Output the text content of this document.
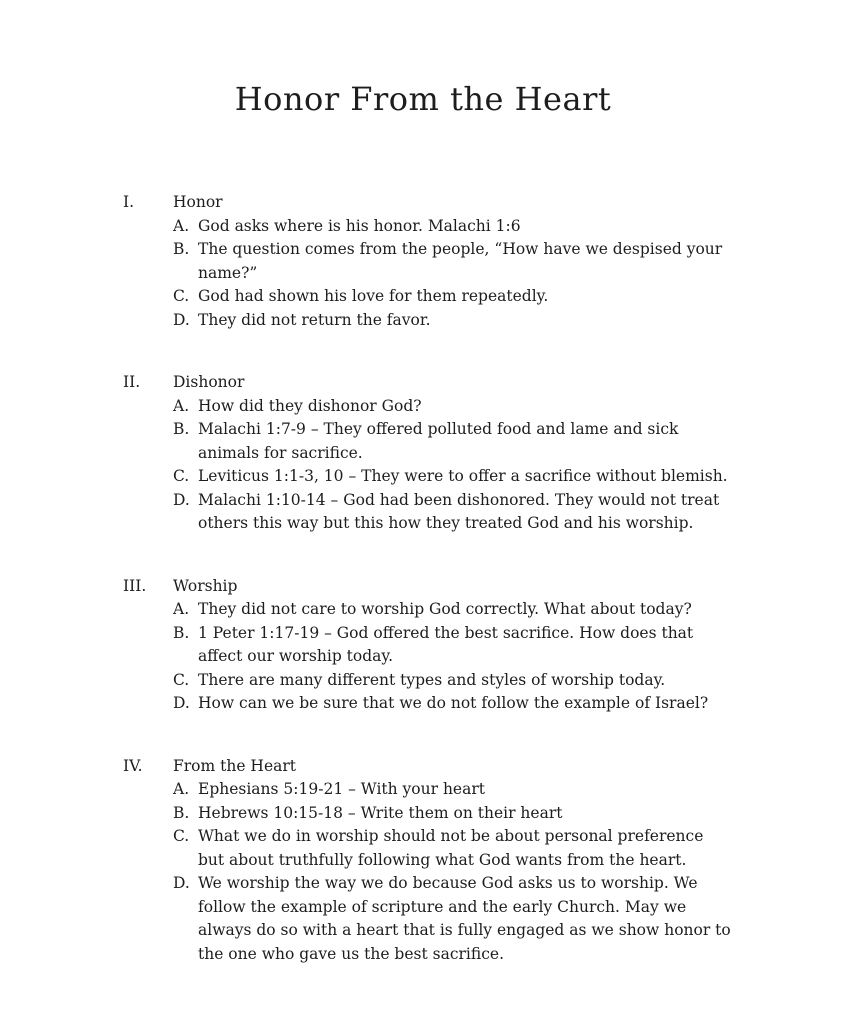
Honor From the Heart
I.	Honor
A. God asks where is his honor. Malachi 1:6
B. The question comes from the people, “How have we despised your
name?”
C. God had shown his love for them repeatedly.
D. They did not return the favor.
II.	Dishonor
A. How did they dishonor God?
B. Malachi 1:7-9 – They offered polluted food and lame and sick
animals for sacrifice.
C. Leviticus 1:1-3, 10 – They were to offer a sacrifice without blemish.
D. Malachi 1:10-14 – God had been dishonored. They would not treat
others this way but this how they treated God and his worship.
III.	Worship
A. They did not care to worship God correctly. What about today?
B. 1 Peter 1:17-19 – God offered the best sacrifice. How does that
affect our worship today.
C. There are many different types and styles of worship today.
D. How can we be sure that we do not follow the example of Israel?
IV.	From the Heart
A. Ephesians 5:19-21 – With your heart
B. Hebrews 10:15-18 – Write them on their heart
C. What we do in worship should not be about personal preference
but about truthfully following what God wants from the heart.
D. We worship the way we do because God asks us to worship. We
follow the example of scripture and the early Church. May we
always do so with a heart that is fully engaged as we show honor to
the one who gave us the best sacrifice.
